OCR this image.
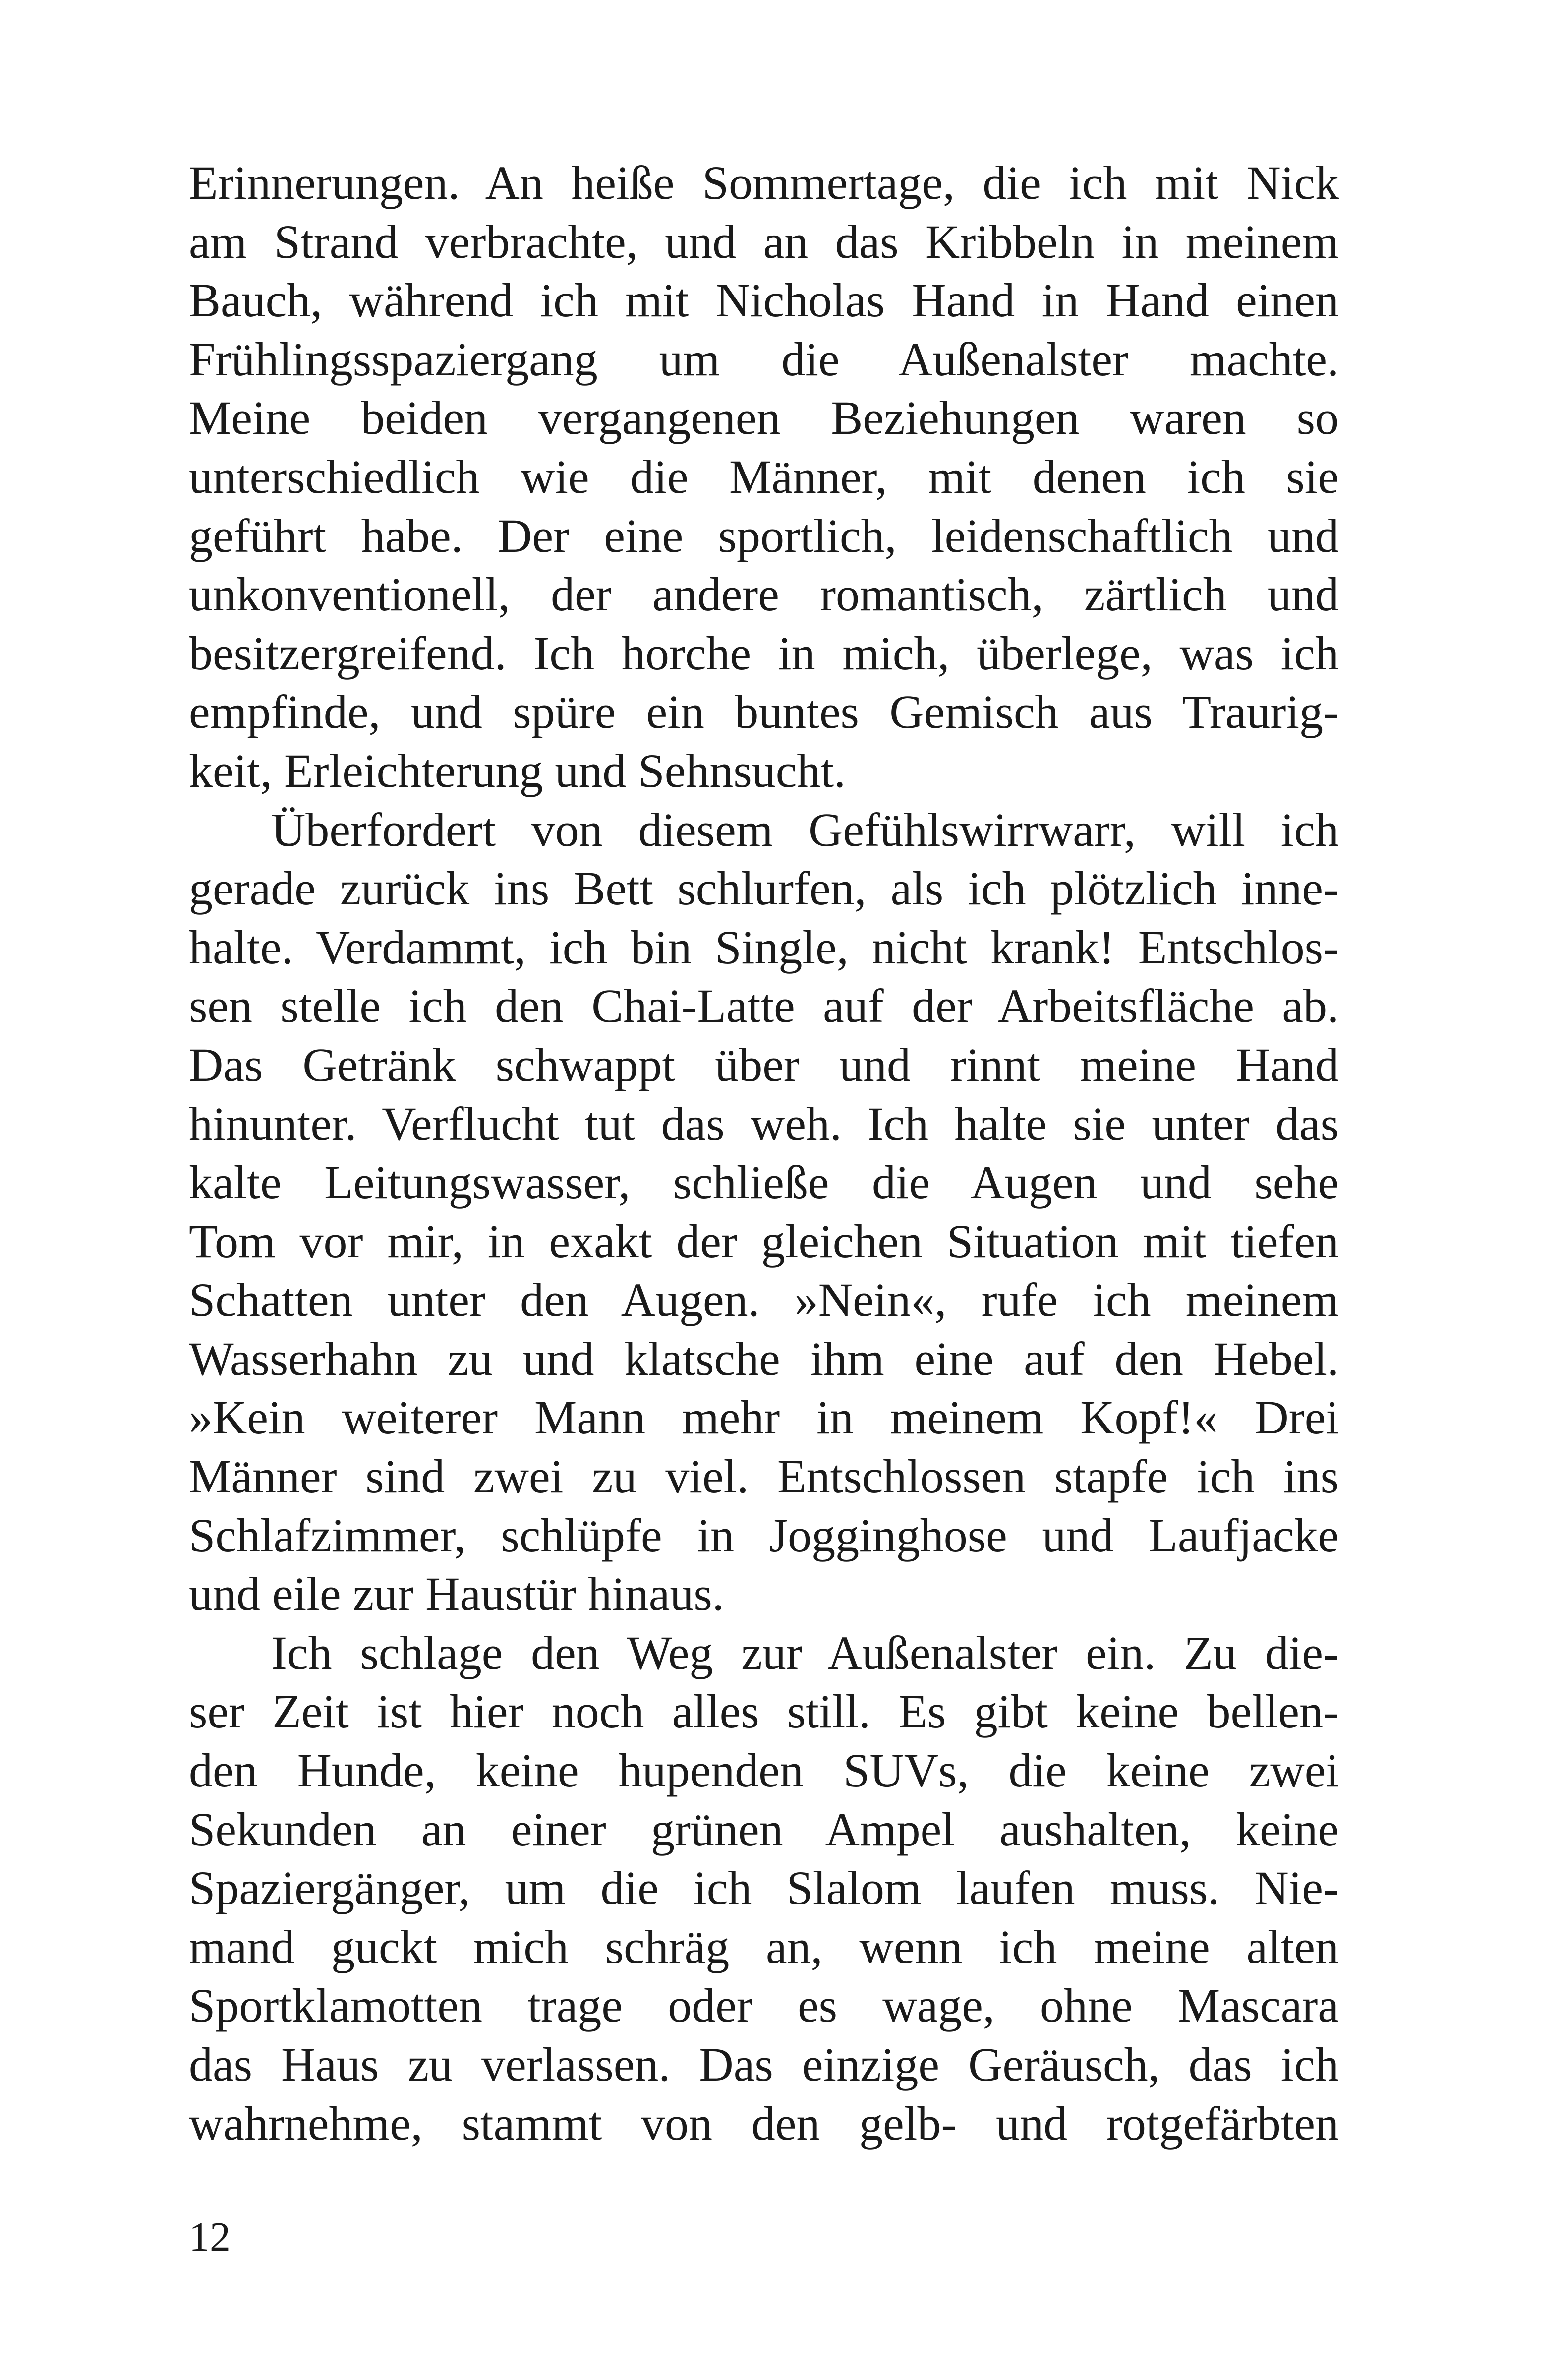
Erinnerungen. An heiße Sommertage, die ich mit Nick
am Strand verbrachte, und an das Kribbeln in meinem
Bauch, während ich mit Nicholas Hand in Hand einen
Frühlingsspaziergang um die Außenalster machte.
Meine beiden vergangenen Beziehungen waren so
unterschiedlich wie die Männer, mit denen ich sie
geführt habe. Der eine sportlich, leidenschaftlich und
unkonventionell, der andere romantisch, zärtlich und
besitzergreifend. Ich horche in mich, überlege, was ich
empfinde, und spüre ein buntes Gemisch aus Traurig-
keit, Erleichterung und Sehnsucht.
Überfordert von diesem Gefühlswirrwarr, will ich
gerade zurück ins Bett schlurfen, als ich plötzlich inne-
halte. Verdammt, ich bin Single, nicht krank! Entschlos-
sen stelle ich den Chai-Latte auf der Arbeitsfläche ab.
Das Getränk schwappt über und rinnt meine Hand
hinunter. Verflucht tut das weh. Ich halte sie unter das
kalte Leitungswasser, schließe die Augen und sehe
Tom vor mir, in exakt der gleichen Situation mit tiefen
Schatten unter den Augen. »Nein«, rufe ich meinem
Wasserhahn zu und klatsche ihm eine auf den Hebel.
»Kein weiterer Mann mehr in meinem Kopf!« Drei
Männer sind zwei zu viel. Entschlossen stapfe ich ins
Schlafzimmer, schlüpfe in Jogginghose und Laufjacke
und eile zur Haustür hinaus.
Ich schlage den Weg zur Außenalster ein. Zu die-
ser Zeit ist hier noch alles still. Es gibt keine bellen-
den Hunde, keine hupenden SUVs, die keine zwei
Sekunden an einer grünen Ampel aushalten, keine
Spaziergänger, um die ich Slalom laufen muss. Nie-
mand guckt mich schräg an, wenn ich meine alten
Sportklamotten trage oder es wage, ohne Mascara
das Haus zu verlassen. Das einzige Geräusch, das ich
wahrnehme, stammt von den gelb- und rotgefärbten
12
